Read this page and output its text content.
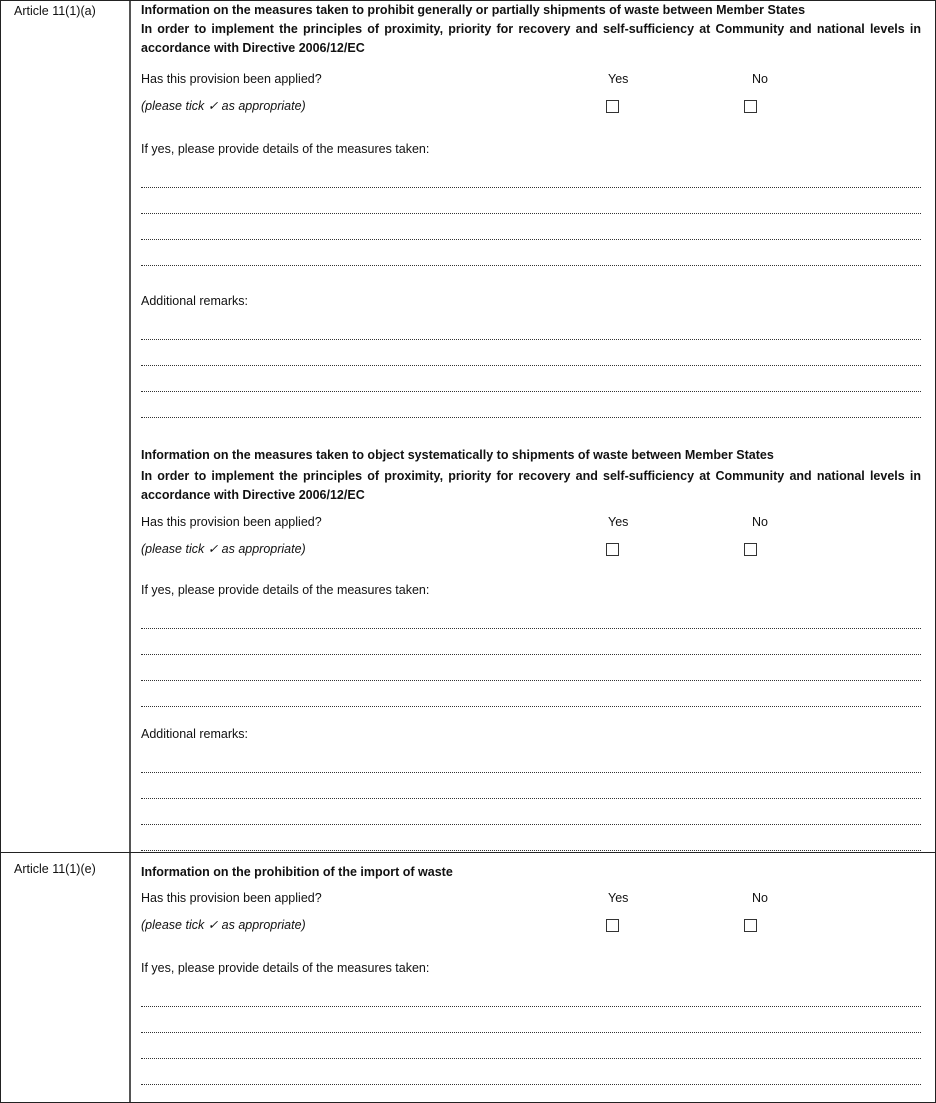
Article 11(1)(a)	Information on the measures taken to prohibit generally or partially shipments of waste between Member States

In order to implement the principles of proximity, priority for recovery and self-sufficiency at Community and national levels in accordance with Directive 2006/12/EC

Has this provision been applied?	Yes	No
(please tick ✓ as appropriate)
If yes, please provide details of the measures taken:
Additional remarks:

Information on the measures taken to object systematically to shipments of waste between Member States

In order to implement the principles of proximity, priority for recovery and self-sufficiency at Community and national levels in accordance with Directive 2006/12/EC

Has this provision been applied?	Yes	No
(please tick ✓ as appropriate)
If yes, please provide details of the measures taken:
Additional remarks:
Article 11(1)(e)	Information on the prohibition of the import of waste

Has this provision been applied?	Yes	No
(please tick ✓ as appropriate)
If yes, please provide details of the measures taken:
